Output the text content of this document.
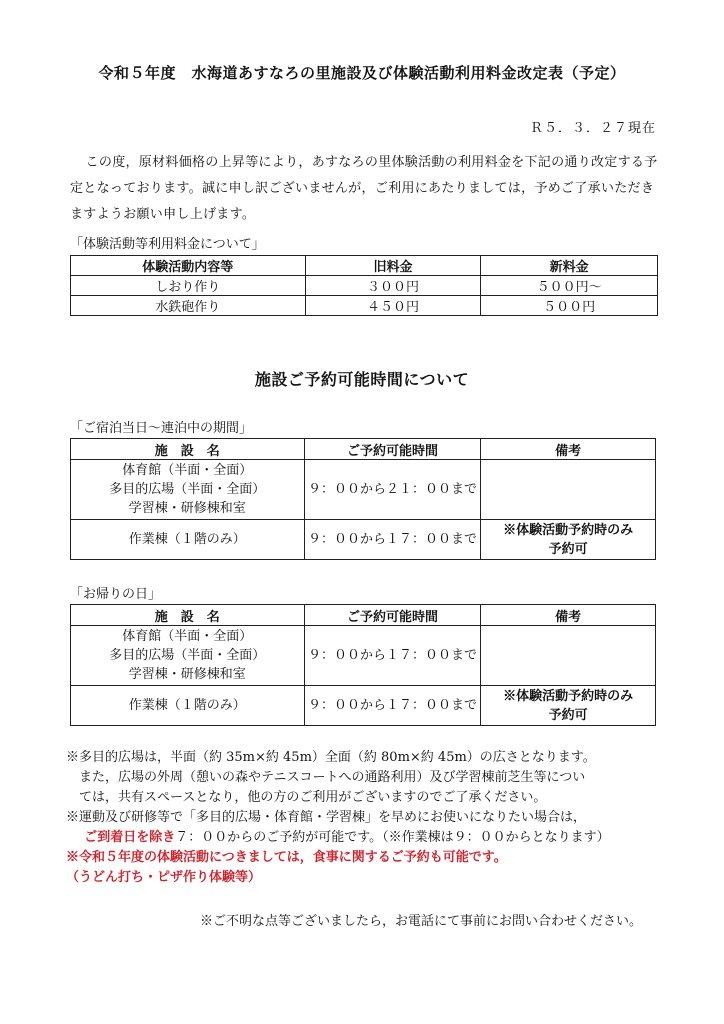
令和５年度　水海道あすなろの里施設及び体験活動利用料金改定表（予定）
Ｒ５．３．２７現在

この度，原材料価格の上昇等により，あすなろの里体験活動の利用料金を下記の通り改定する予定となっております。誠に申し訳ございませんが，ご利用にあたりましては，予めご了承いただきますようお願い申し上げます。

「体験活動等利用料金について」
体験活動内容等	旧料金	新料金
しおり作り	３００円	５００円～
水鉄砲作り	４５０円	５００円
施設ご予約可能時間について
「ご宿泊当日～連泊中の期間」
施　設　名	ご予約可能時間	備考

体育館（半面・全面）
多目的広場（半面・全面）
学習棟・研修棟和室	９：００から２１：００まで	

作業棟（１階のみ）	９：００から１７：００まで	※体験活動予約時のみ
予約可
「お帰りの日」
施　設　名	ご予約可能時間	備考

体育館（半面・全面）
多目的広場（半面・全面）
学習棟・研修棟和室	９：００から１７：００まで	

作業棟（１階のみ）	９：００から１７：００まで	※体験活動予約時のみ
予約可
※多目的広場は，半面（約 35m×約 45m）全面（約 80m×約 45m）の広さとなります。
また，広場の外周（憩いの森やテニスコートへの通路利用）及び学習棟前芝生等につい
ては，共有スペースとなり，他の方のご利用がございますのでご了承ください。
※運動及び研修等で「多目的広場・体育館・学習棟」を早めにお使いになりたい場合は，
ご到着日を除き７：００からのご予約が可能です。（※作業棟は９：００からとなります）
※令和５年度の体験活動につきましては，食事に関するご予約も可能です。
（うどん打ち・ピザ作り体験等）
※ご不明な点等ございましたら，お電話にて事前にお問い合わせください。
